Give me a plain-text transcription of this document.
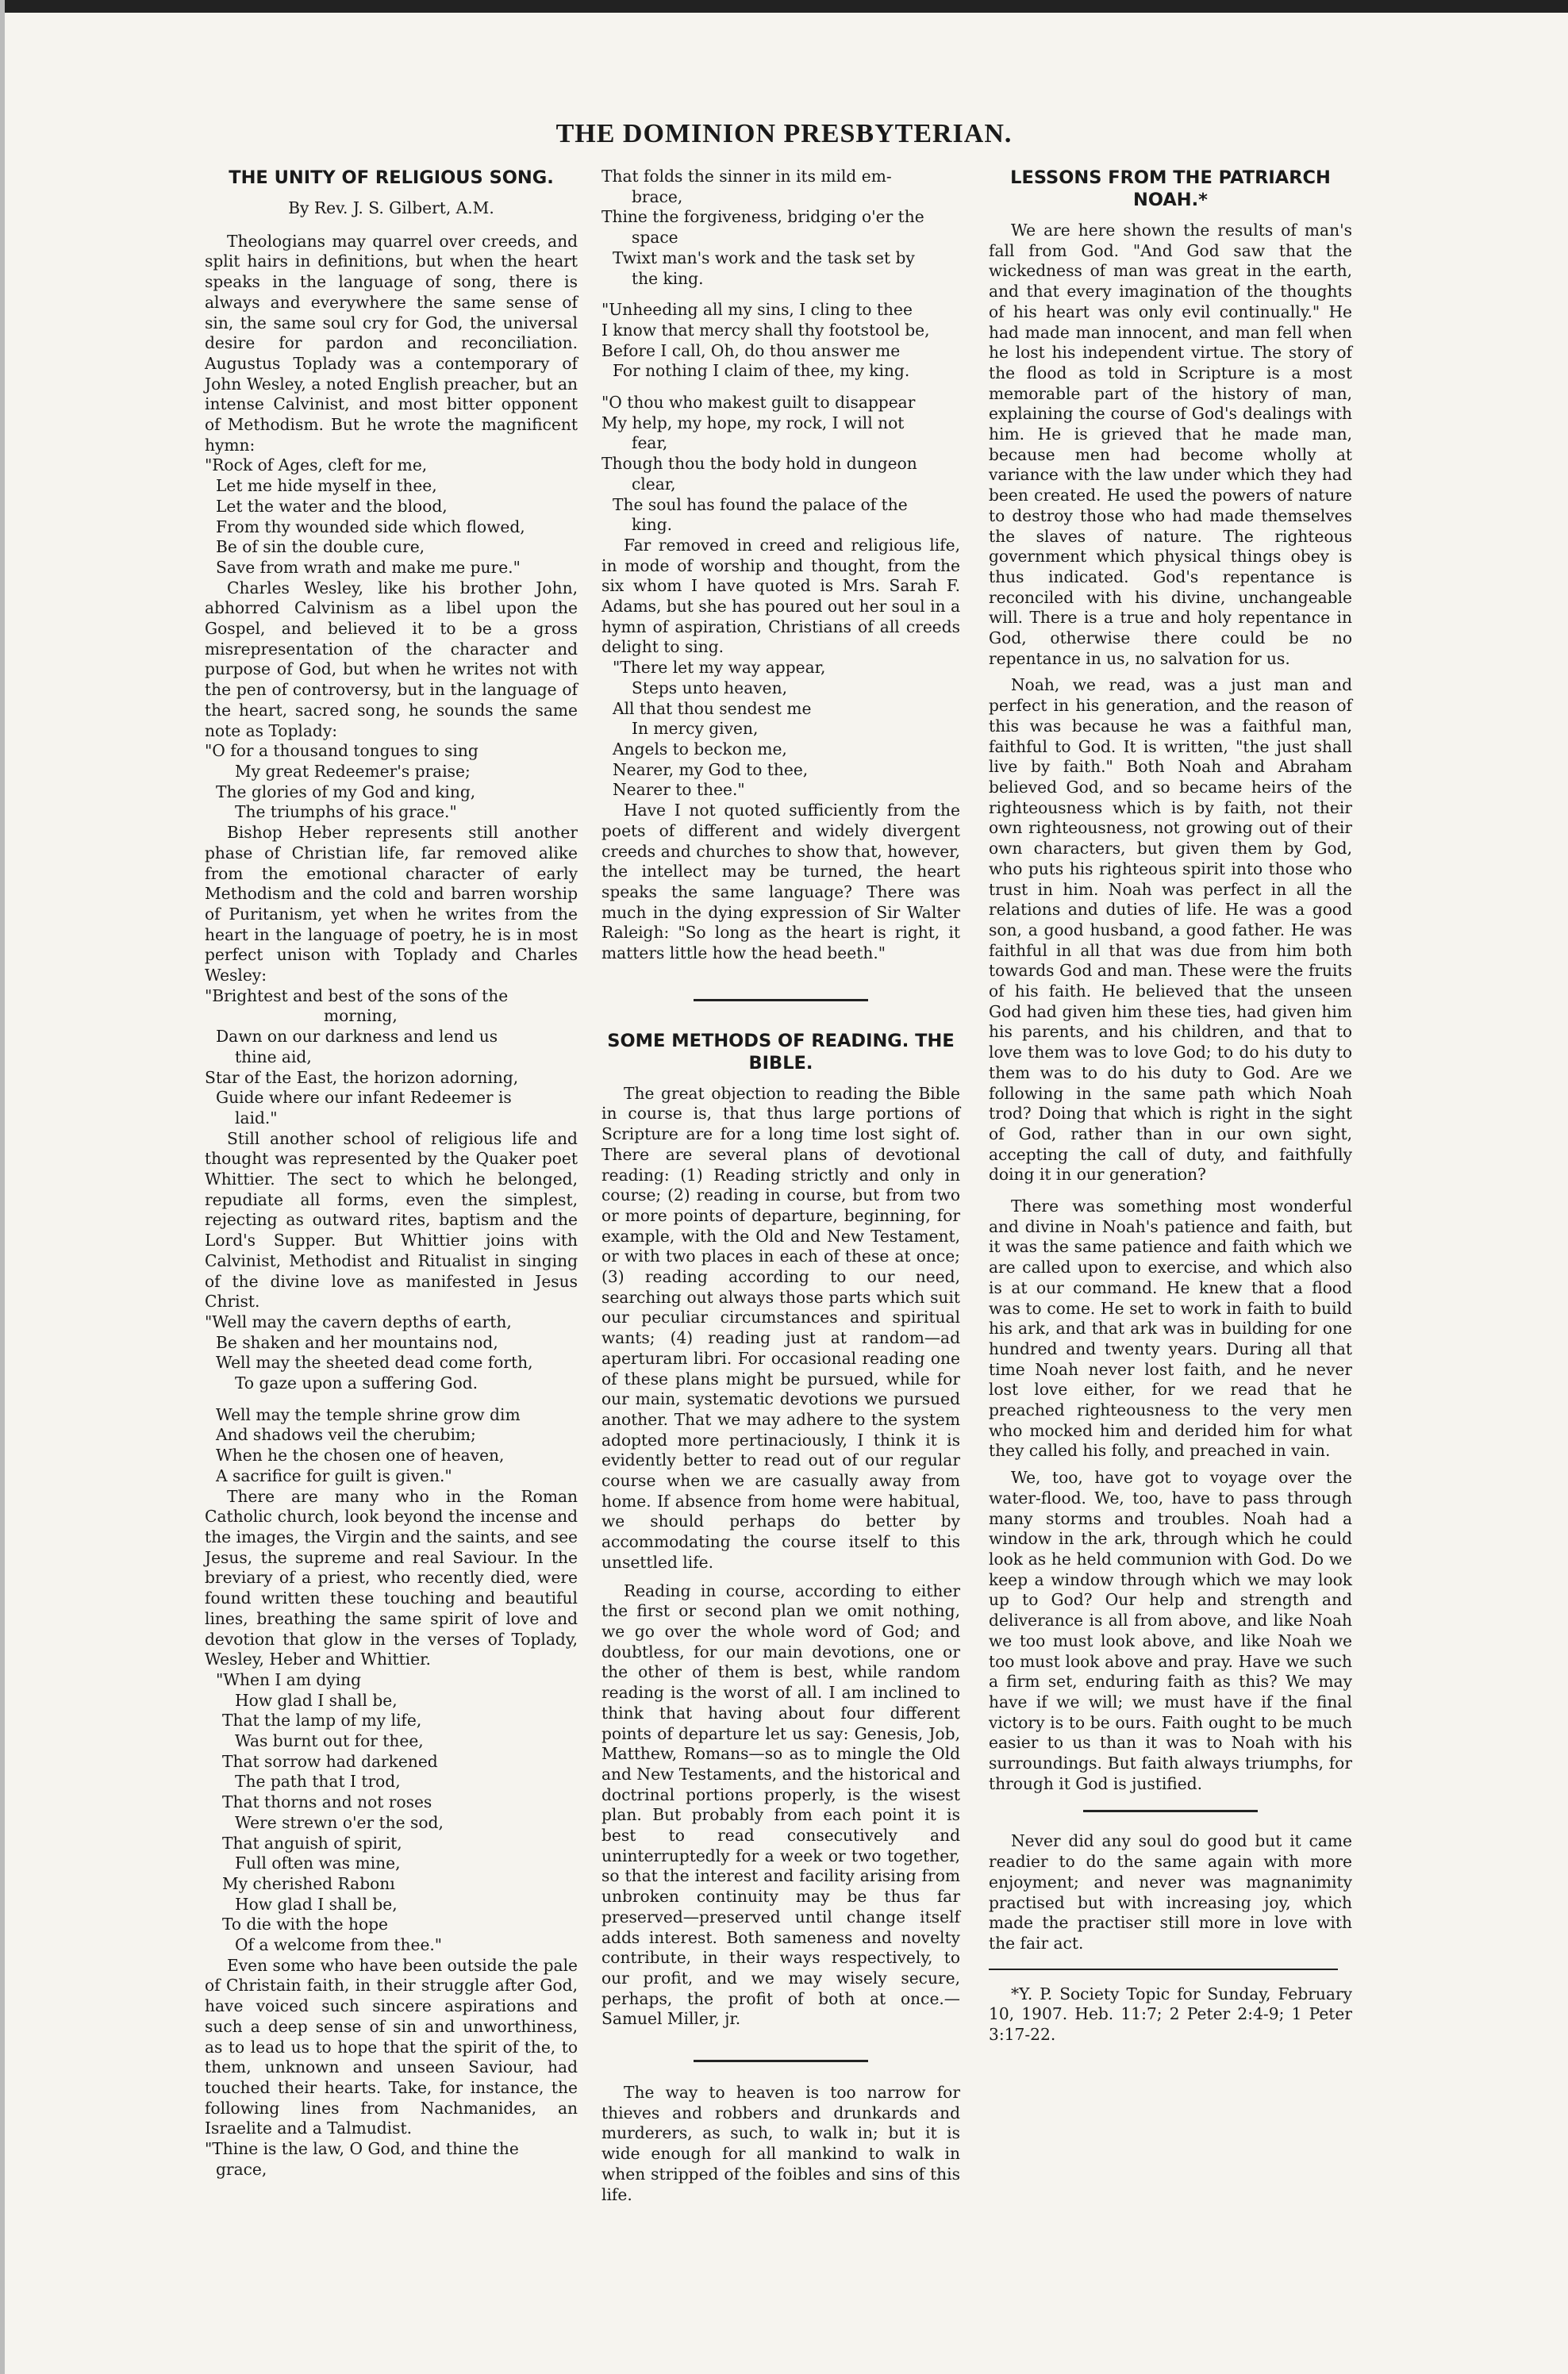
THE DOMINION PRESBYTERIAN.
THE UNITY OF RELIGIOUS SONG.
By Rev. J. S. Gilbert, A.M.

Theologians may quarrel over creeds, and split hairs in definitions, but when the heart speaks in the language of song, there is always and everywhere the same sense of sin, the same soul cry for God, the universal desire for pardon and reconciliation. Augustus Toplady was a contemporary of John Wesley, a noted English preacher, but an intense Calvinist, and most bitter opponent of Methodism. But he wrote the magnificent hymn:

"Rock of Ages, cleft for me,
Let me hide myself in thee,
Let the water and the blood,
From thy wounded side which flowed,
Be of sin the double cure,
Save from wrath and make me pure."

Charles Wesley, like his brother John, abhorred Calvinism as a libel upon the Gospel, and believed it to be a gross misrepresentation of the character and purpose of God, but when he writes not with the pen of controversy, but in the language of the heart, sacred song, he sounds the same note as Toplady:

"O for a thousand tongues to sing
My great Redeemer's praise;
The glories of my God and king,
The triumphs of his grace."

Bishop Heber represents still another phase of Christian life, far removed alike from the emotional character of early Methodism and the cold and barren worship of Puritanism, yet when he writes from the heart in the language of poetry, he is in most perfect unison with Toplady and Charles Wesley:

"Brightest and best of the sons of the
morning,
Dawn on our darkness and lend us
thine aid,
Star of the East, the horizon adorning,
Guide where our infant Redeemer is
laid."

Still another school of religious life and thought was represented by the Quaker poet Whittier. The sect to which he belonged, repudiate all forms, even the simplest, rejecting as outward rites, baptism and the Lord's Supper. But Whittier joins with Calvinist, Methodist and Ritualist in singing of the divine love as manifested in Jesus Christ.

"Well may the cavern depths of earth,
Be shaken and her mountains nod,
Well may the sheeted dead come forth,
To gaze upon a suffering God.
Well may the temple shrine grow dim
And shadows veil the cherubim;
When he the chosen one of heaven,
A sacrifice for guilt is given."

There are many who in the Roman Catholic church, look beyond the incense and the images, the Virgin and the saints, and see Jesus, the supreme and real Saviour. In the breviary of a priest, who recently died, were found written these touching and beautiful lines, breathing the same spirit of love and devotion that glow in the verses of Toplady, Wesley, Heber and Whittier.

"When I am dying
How glad I shall be,
That the lamp of my life,
Was burnt out for thee,
That sorrow had darkened
The path that I trod,
That thorns and not roses
Were strewn o'er the sod,
That anguish of spirit,
Full often was mine,
My cherished Rabonı
How glad I shall be,
To die with the hope
Of a welcome from thee."

Even some who have been outside the pale of Christain faith, in their struggle after God, have voiced such sincere aspirations and such a deep sense of sin and unworthiness, as to lead us to hope that the spirit of the, to them, unknown and unseen Saviour, had touched their hearts. Take, for instance, the following lines from Nachmanides, an Israelite and a Talmudist.

"Thine is the law, O God, and thine the
grace,
That folds the sinner in its mild em-
brace,
Thine the forgiveness, bridging o'er the
space
Twixt man's work and the task set by
the king.
"Unheeding all my sins, I cling to thee
I know that mercy shall thy footstool be,
Before I call, Oh, do thou answer me
For nothing I claim of thee, my king.
"O thou who makest guilt to disappear
My help, my hope, my rock, I will not
fear,
Though thou the body hold in dungeon
clear,
The soul has found the palace of the
king.

Far removed in creed and religious life, in mode of worship and thought, from the six whom I have quoted is Mrs. Sarah F. Adams, but she has poured out her soul in a hymn of aspiration, Christians of all creeds delight to sing.

"There let my way appear,
Steps unto heaven,
All that thou sendest me
In mercy given,
Angels to beckon me,
Nearer, my God to thee,
Nearer to thee."

Have I not quoted sufficiently from the poets of different and widely divergent creeds and churches to show that, however, the intellect may be turned, the heart speaks the same language? There was much in the dying expression of Sir Walter Raleigh: "So long as the heart is right, it matters little how the head beeth."

SOME METHODS OF READING. THE BIBLE.

The great objection to reading the Bible in course is, that thus large portions of Scripture are for a long time lost sight of. There are several plans of devotional reading: (1) Reading strictly and only in course; (2) reading in course, but from two or more points of departure, beginning, for example, with the Old and New Testament, or with two places in each of these at once; (3) reading according to our need, searching out always those parts which suit our peculiar circumstances and spiritual wants; (4) reading just at random—ad aperturam libri. For occasional reading one of these plans might be pursued, while for our main, systematic devotions we pursued another. That we may adhere to the system adopted more pertinaciously, I think it is evidently better to read out of our regular course when we are casually away from home. If absence from home were habitual, we should perhaps do better by accommodating the course itself to this unsettled life.

Reading in course, according to either the first or second plan we omit nothing, we go over the whole word of God; and doubtless, for our main devotions, one or the other of them is best, while random reading is the worst of all. I am inclined to think that having about four different points of departure let us say: Genesis, Job, Matthew, Romans—so as to mingle the Old and New Testaments, and the historical and doctrinal portions properly, is the wisest plan. But probably from each point it is best to read consecutively and uninterruptedly for a week or two together, so that the interest and facility arising from unbroken continuity may be thus far preserved—preserved until change itself adds interest. Both sameness and novelty contribute, in their ways respectively, to our profit, and we may wisely secure, perhaps, the profit of both at once.—Samuel Miller, jr.

The way to heaven is too narrow for thieves and robbers and drunkards and murderers, as such, to walk in; but it is wide enough for all mankind to walk in when stripped of the foibles and sins of this life.

LESSONS FROM THE PATRIARCH NOAH.*

We are here shown the results of man's fall from God. "And God saw that the wickedness of man was great in the earth, and that every imagination of the thoughts of his heart was only evil continually." He had made man innocent, and man fell when he lost his independent virtue. The story of the flood as told in Scripture is a most memorable part of the history of man, explaining the course of God's dealings with him. He is grieved that he made man, because men had become wholly at variance with the law under which they had been created. He used the powers of nature to destroy those who had made themselves the slaves of nature. The righteous government which physical things obey is thus indicated. God's repentance is reconciled with his divine, unchangeable will. There is a true and holy repentance in God, otherwise there could be no repentance in us, no salvation for us.

Noah, we read, was a just man and perfect in his generation, and the reason of this was because he was a faithful man, faithful to God. It is written, "the just shall live by faith." Both Noah and Abraham believed God, and so became heirs of the righteousness which is by faith, not their own righteousness, not growing out of their own characters, but given them by God, who puts his righteous spirit into those who trust in him. Noah was perfect in all the relations and duties of life. He was a good son, a good husband, a good father. He was faithful in all that was due from him both towards God and man. These were the fruits of his faith. He believed that the unseen God had given him these ties, had given him his parents, and his children, and that to love them was to love God; to do his duty to them was to do his duty to God. Are we following in the same path which Noah trod? Doing that which is right in the sight of God, rather than in our own sight, accepting the call of duty, and faithfully doing it in our generation?

There was something most wonderful and divine in Noah's patience and faith, but it was the same patience and faith which we are called upon to exercise, and which also is at our command. He knew that a flood was to come. He set to work in faith to build his ark, and that ark was in building for one hundred and twenty years. During all that time Noah never lost faith, and he never lost love either, for we read that he preached righteousness to the very men who mocked him and derided him for what they called his folly, and preached in vain.

We, too, have got to voyage over the water-flood. We, too, have to pass through many storms and troubles. Noah had a window in the ark, through which he could look as he held communion with God. Do we keep a window through which we may look up to God? Our help and strength and deliverance is all from above, and like Noah we too must look above, and like Noah we too must look above and pray. Have we such a firm set, enduring faith as this? We may have if we will; we must have if the final victory is to be ours. Faith ought to be much easier to us than it was to Noah with his surroundings. But faith always triumphs, for through it God is justified.

Never did any soul do good but it came readier to do the same again with more enjoyment; and never was magnanimity practised but with increasing joy, which made the practiser still more in love with the fair act.

*Y. P. Society Topic for Sunday, February 10, 1907. Heb. 11:7; 2 Peter 2:4-9; 1 Peter 3:17-22.
